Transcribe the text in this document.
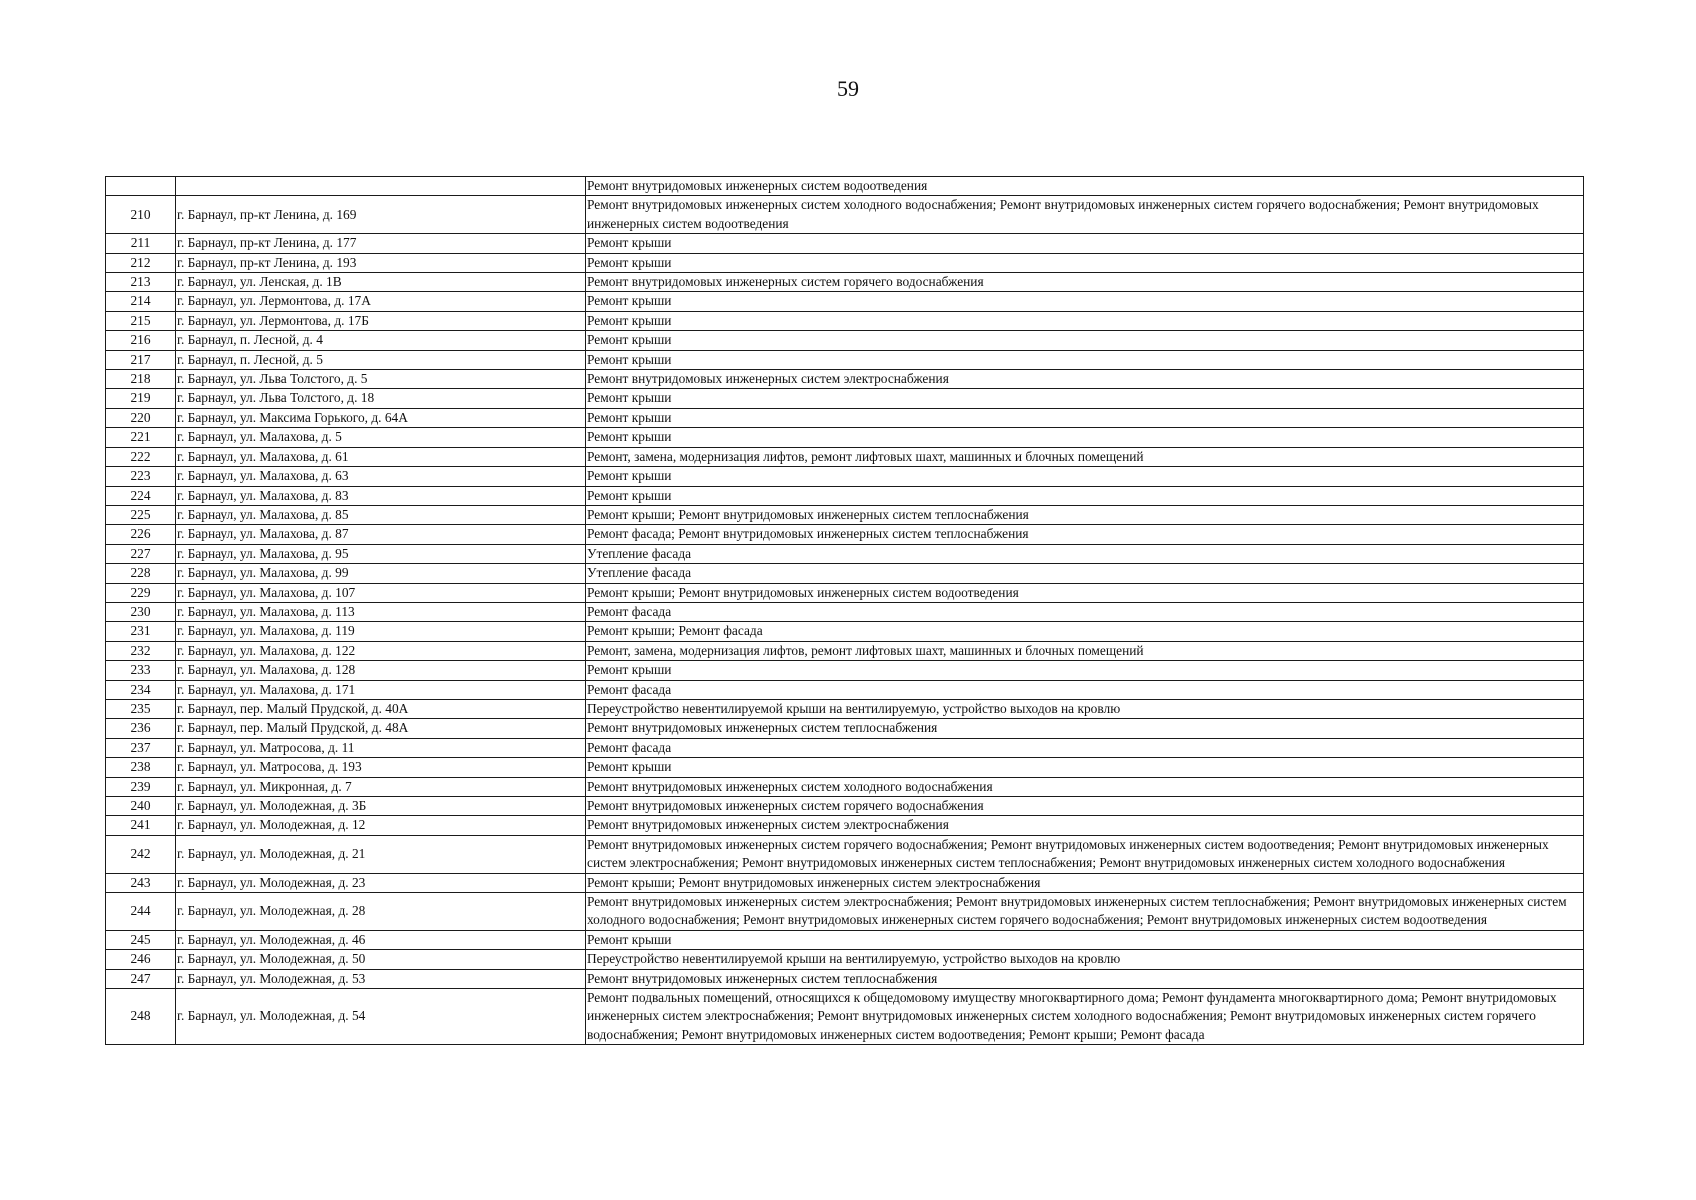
59
		Ремонт внутридомовых инженерных систем водоотведения
210	г. Барнаул, пр-кт Ленина, д. 169	Ремонт внутридомовых инженерных систем холодного водоснабжения; Ремонт внутридомовых инженерных систем горячего водоснабжения; Ремонт внутридомовых инженерных систем водоотведения
211	г. Барнаул, пр-кт Ленина, д. 177	Ремонт крыши
212	г. Барнаул, пр-кт Ленина, д. 193	Ремонт крыши
213	г. Барнаул, ул. Ленская, д. 1В	Ремонт внутридомовых инженерных систем горячего водоснабжения
214	г. Барнаул, ул. Лермонтова, д. 17А	Ремонт крыши
215	г. Барнаул, ул. Лермонтова, д. 17Б	Ремонт крыши
216	г. Барнаул, п. Лесной, д. 4	Ремонт крыши
217	г. Барнаул, п. Лесной, д. 5	Ремонт крыши
218	г. Барнаул, ул. Льва Толстого, д. 5	Ремонт внутридомовых инженерных систем электроснабжения
219	г. Барнаул, ул. Льва Толстого, д. 18	Ремонт крыши
220	г. Барнаул, ул. Максима Горького, д. 64А	Ремонт крыши
221	г. Барнаул, ул. Малахова, д. 5	Ремонт крыши
222	г. Барнаул, ул. Малахова, д. 61	Ремонт, замена, модернизация лифтов, ремонт лифтовых шахт, машинных и блочных помещений
223	г. Барнаул, ул. Малахова, д. 63	Ремонт крыши
224	г. Барнаул, ул. Малахова, д. 83	Ремонт крыши
225	г. Барнаул, ул. Малахова, д. 85	Ремонт крыши; Ремонт внутридомовых инженерных систем теплоснабжения
226	г. Барнаул, ул. Малахова, д. 87	Ремонт фасада; Ремонт внутридомовых инженерных систем теплоснабжения
227	г. Барнаул, ул. Малахова, д. 95	Утепление фасада
228	г. Барнаул, ул. Малахова, д. 99	Утепление фасада
229	г. Барнаул, ул. Малахова, д. 107	Ремонт крыши; Ремонт внутридомовых инженерных систем водоотведения
230	г. Барнаул, ул. Малахова, д. 113	Ремонт фасада
231	г. Барнаул, ул. Малахова, д. 119	Ремонт крыши; Ремонт фасада
232	г. Барнаул, ул. Малахова, д. 122	Ремонт, замена, модернизация лифтов, ремонт лифтовых шахт, машинных и блочных помещений
233	г. Барнаул, ул. Малахова, д. 128	Ремонт крыши
234	г. Барнаул, ул. Малахова, д. 171	Ремонт фасада
235	г. Барнаул, пер. Малый Прудской, д. 40А	Переустройство невентилируемой крыши на вентилируемую, устройство выходов на кровлю
236	г. Барнаул, пер. Малый Прудской, д. 48А	Ремонт внутридомовых инженерных систем теплоснабжения
237	г. Барнаул, ул. Матросова, д. 11	Ремонт фасада
238	г. Барнаул, ул. Матросова, д. 193	Ремонт крыши
239	г. Барнаул, ул. Микронная, д. 7	Ремонт внутридомовых инженерных систем холодного водоснабжения
240	г. Барнаул, ул. Молодежная, д. 3Б	Ремонт внутридомовых инженерных систем горячего водоснабжения
241	г. Барнаул, ул. Молодежная, д. 12	Ремонт внутридомовых инженерных систем электроснабжения
242	г. Барнаул, ул. Молодежная, д. 21	Ремонт внутридомовых инженерных систем горячего водоснабжения; Ремонт внутридомовых инженерных систем водоотведения; Ремонт внутридомовых инженерных систем электроснабжения; Ремонт внутридомовых инженерных систем теплоснабжения; Ремонт внутридомовых инженерных систем холодного водоснабжения
243	г. Барнаул, ул. Молодежная, д. 23	Ремонт крыши; Ремонт внутридомовых инженерных систем электроснабжения
244	г. Барнаул, ул. Молодежная, д. 28	Ремонт внутридомовых инженерных систем электроснабжения; Ремонт внутридомовых инженерных систем теплоснабжения; Ремонт внутридомовых инженерных систем холодного водоснабжения; Ремонт внутридомовых инженерных систем горячего водоснабжения; Ремонт внутридомовых инженерных систем водоотведения
245	г. Барнаул, ул. Молодежная, д. 46	Ремонт крыши
246	г. Барнаул, ул. Молодежная, д. 50	Переустройство невентилируемой крыши на вентилируемую, устройство выходов на кровлю
247	г. Барнаул, ул. Молодежная, д. 53	Ремонт внутридомовых инженерных систем теплоснабжения
248	г. Барнаул, ул. Молодежная, д. 54	Ремонт подвальных помещений, относящихся к общедомовому имуществу многоквартирного дома; Ремонт фундамента многоквартирного дома; Ремонт внутридомовых инженерных систем электроснабжения; Ремонт внутридомовых инженерных систем холодного водоснабжения; Ремонт внутридомовых инженерных систем горячего водоснабжения; Ремонт внутридомовых инженерных систем водоотведения; Ремонт крыши; Ремонт фасада
